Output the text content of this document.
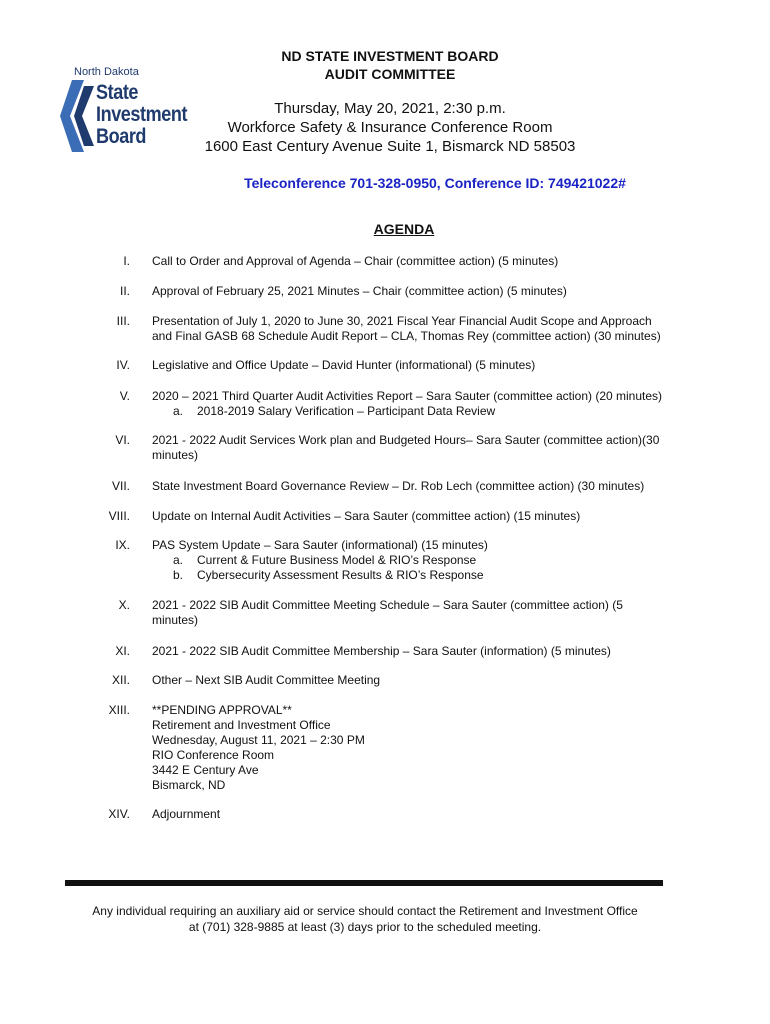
North Dakota
State
Investment
Board
ND STATE INVESTMENT BOARD
AUDIT COMMITTEE
Thursday, May 20, 2021, 2:30 p.m.
Workforce Safety & Insurance Conference Room
1600 East Century Avenue Suite 1, Bismarck ND 58503
Teleconference 701-328-0950, Conference ID: 749421022#
AGENDA
I. Call to Order and Approval of Agenda – Chair (committee action) (5 minutes)
II. Approval of February 25, 2021 Minutes – Chair (committee action) (5 minutes)
III. Presentation of July 1, 2020 to June 30, 2021 Fiscal Year Financial Audit Scope and Approach
and Final GASB 68 Schedule Audit Report – CLA, Thomas Rey (committee action) (30 minutes)
IV. Legislative and Office Update – David Hunter (informational) (5 minutes)
V. 2020 – 2021 Third Quarter Audit Activities Report – Sara Sauter (committee action) (20 minutes)
a. 2018-2019 Salary Verification – Participant Data Review
VI. 2021 - 2022 Audit Services Work plan and Budgeted Hours– Sara Sauter (committee action)(30
minutes)
VII. State Investment Board Governance Review – Dr. Rob Lech (committee action) (30 minutes)
VIII. Update on Internal Audit Activities – Sara Sauter (committee action) (15 minutes)
IX. PAS System Update – Sara Sauter (informational) (15 minutes)
a. Current & Future Business Model & RIO’s Response
b. Cybersecurity Assessment Results & RIO’s Response
X. 2021 - 2022 SIB Audit Committee Meeting Schedule – Sara Sauter (committee action) (5
minutes)
XI. 2021 - 2022 SIB Audit Committee Membership – Sara Sauter (information) (5 minutes)
XII. Other – Next SIB Audit Committee Meeting
XIII. **PENDING APPROVAL**
Retirement and Investment Office
Wednesday, August 11, 2021 – 2:30 PM
RIO Conference Room
3442 E Century Ave
Bismarck, ND
XIV. Adjournment
Any individual requiring an auxiliary aid or service should contact the Retirement and Investment Office
at (701) 328-9885 at least (3) days prior to the scheduled meeting.
